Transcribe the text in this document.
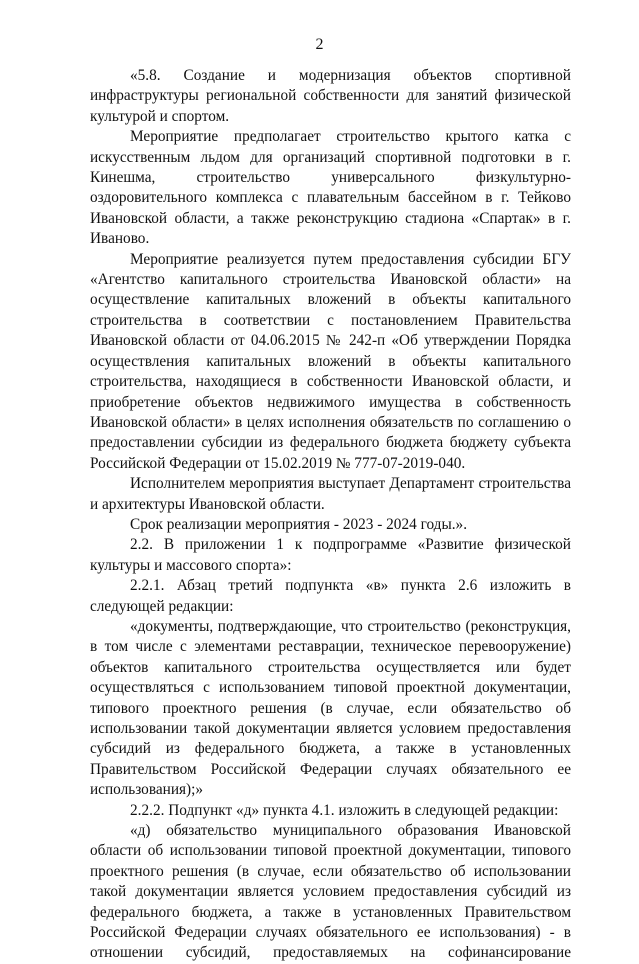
2

«5.8. Создание и модернизация объектов спортивной инфраструктуры региональной собственности для занятий физической культурой и спортом.

Мероприятие предполагает строительство крытого катка с искусственным льдом для организаций спортивной подготовки в г. Кинешма, строительство универсального физкультурно-оздоровительного комплекса с плавательным бассейном в г. Тейково Ивановской области, а также реконструкцию стадиона «Спартак» в г. Иваново.

Мероприятие реализуется путем предоставления субсидии БГУ «Агентство капитального строительства Ивановской области» на осуществление капитальных вложений в объекты капитального строительства в соответствии с постановлением Правительства Ивановской области от 04.06.2015 № 242-п «Об утверждении Порядка осуществления капитальных вложений в объекты капитального строительства, находящиеся в собственности Ивановской области, и приобретение объектов недвижимого имущества в собственность Ивановской области» в целях исполнения обязательств по соглашению о предоставлении субсидии из федерального бюджета бюджету субъекта Российской Федерации от 15.02.2019 № 777-07-2019-040.

Исполнителем мероприятия выступает Департамент строительства и архитектуры Ивановской области.

Срок реализации мероприятия - 2023 - 2024 годы.».

2.2. В приложении 1 к подпрограмме «Развитие физической культуры и массового спорта»:

2.2.1. Абзац третий подпункта «в» пункта 2.6 изложить в следующей редакции:

«документы, подтверждающие, что строительство (реконструкция, в том числе с элементами реставрации, техническое перевооружение) объектов капитального строительства осуществляется или будет осуществляться с использованием типовой проектной документации, типового проектного решения (в случае, если обязательство об использовании такой документации является условием предоставления субсидий из федерального бюджета, а также в установленных Правительством Российской Федерации случаях обязательного ее использования);»

2.2.2. Подпункт «д» пункта 4.1. изложить в следующей редакции:

«д) обязательство муниципального образования Ивановской области об использовании типовой проектной документации, типового проектного решения (в случае, если обязательство об использовании такой документации является условием предоставления субсидий из федерального бюджета, а также в установленных Правительством Российской Федерации случаях обязательного ее использования) - в отношении субсидий, предоставляемых на софинансирование
